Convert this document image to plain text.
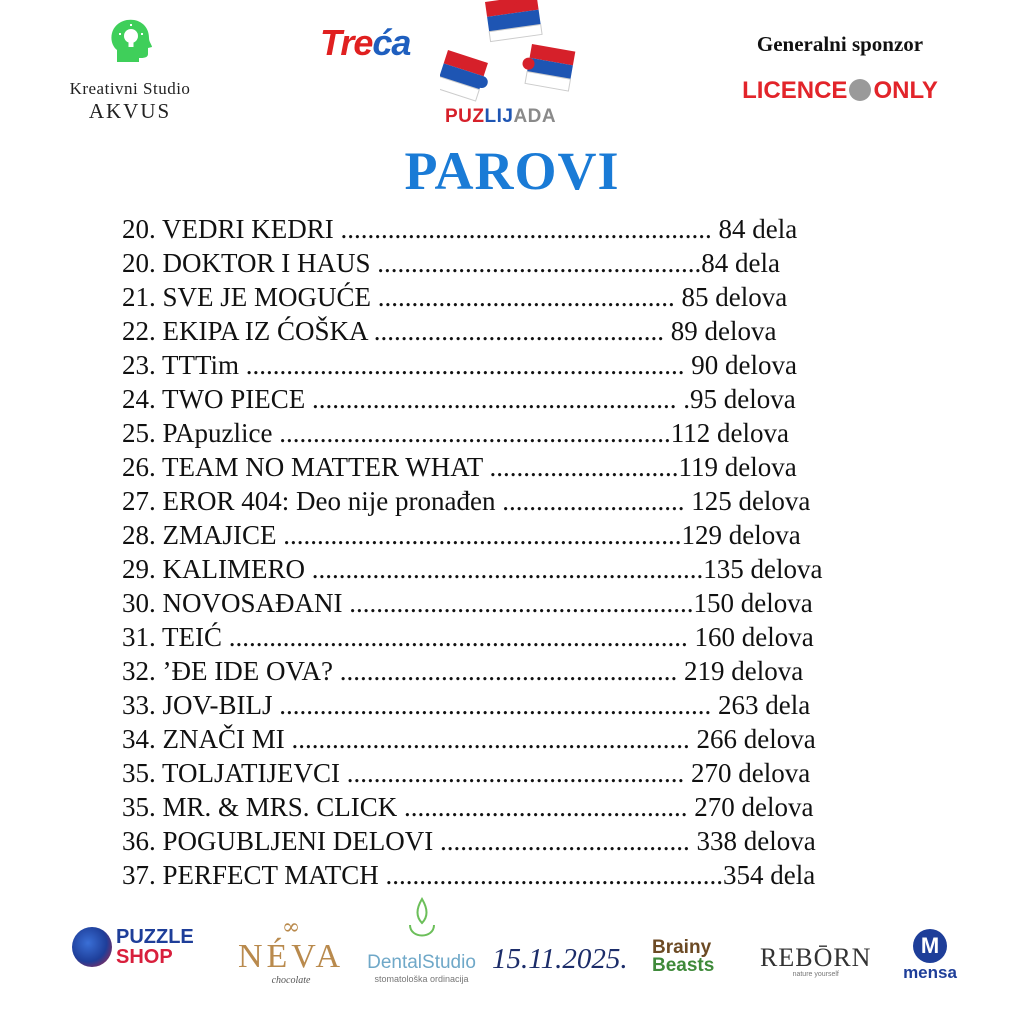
Kreativni Studio
AKVUS
Treća
PUZLIJADA
Generalni sponzor
LICENCE ONLY
PAROVI
20. VEDRI KEDRI ....................................................... 84 dela
20. DOKTOR I HAUS ................................................84 dela
21. SVE JE MOGUĆE ............................................ 85 delova
22. EKIPA IZ ĆOŠKA ........................................... 89 delova
23. TTTim ................................................................. 90 delova
24. TWO PIECE ...................................................... .95 delova
25. PApuzlice ..........................................................112 delova
26. TEAM NO MATTER WHAT ............................119 delova
27. EROR 404: Deo nije pronađen ........................... 125 delova
28. ZMAJICE ...........................................................129 delova
29. KALIMERO ..........................................................135 delova
30. NOVOSAĐANI ...................................................150 delova
31. TEIĆ .................................................................... 160 delova
32. ’ĐE IDE OVA? .................................................. 219 delova
33. JOV-BILJ ................................................................ 263 dela
34. ZNAČI MI ........................................................... 266 delova
35. TOLJATIJEVCI .................................................. 270 delova
35. MR. & MRS. CLICK .......................................... 270 delova
36. POGUBLJENI DELOVI ..................................... 338 delova
37. PERFECT MATCH ..................................................354 dela
PUZZLE
SHOP
∞
NÉVA
chocolate
DentalStudio
stomatološka ordinacija
15.11.2025. Brainy
Beasts REBŌRN
nature yourself
M
mensa
